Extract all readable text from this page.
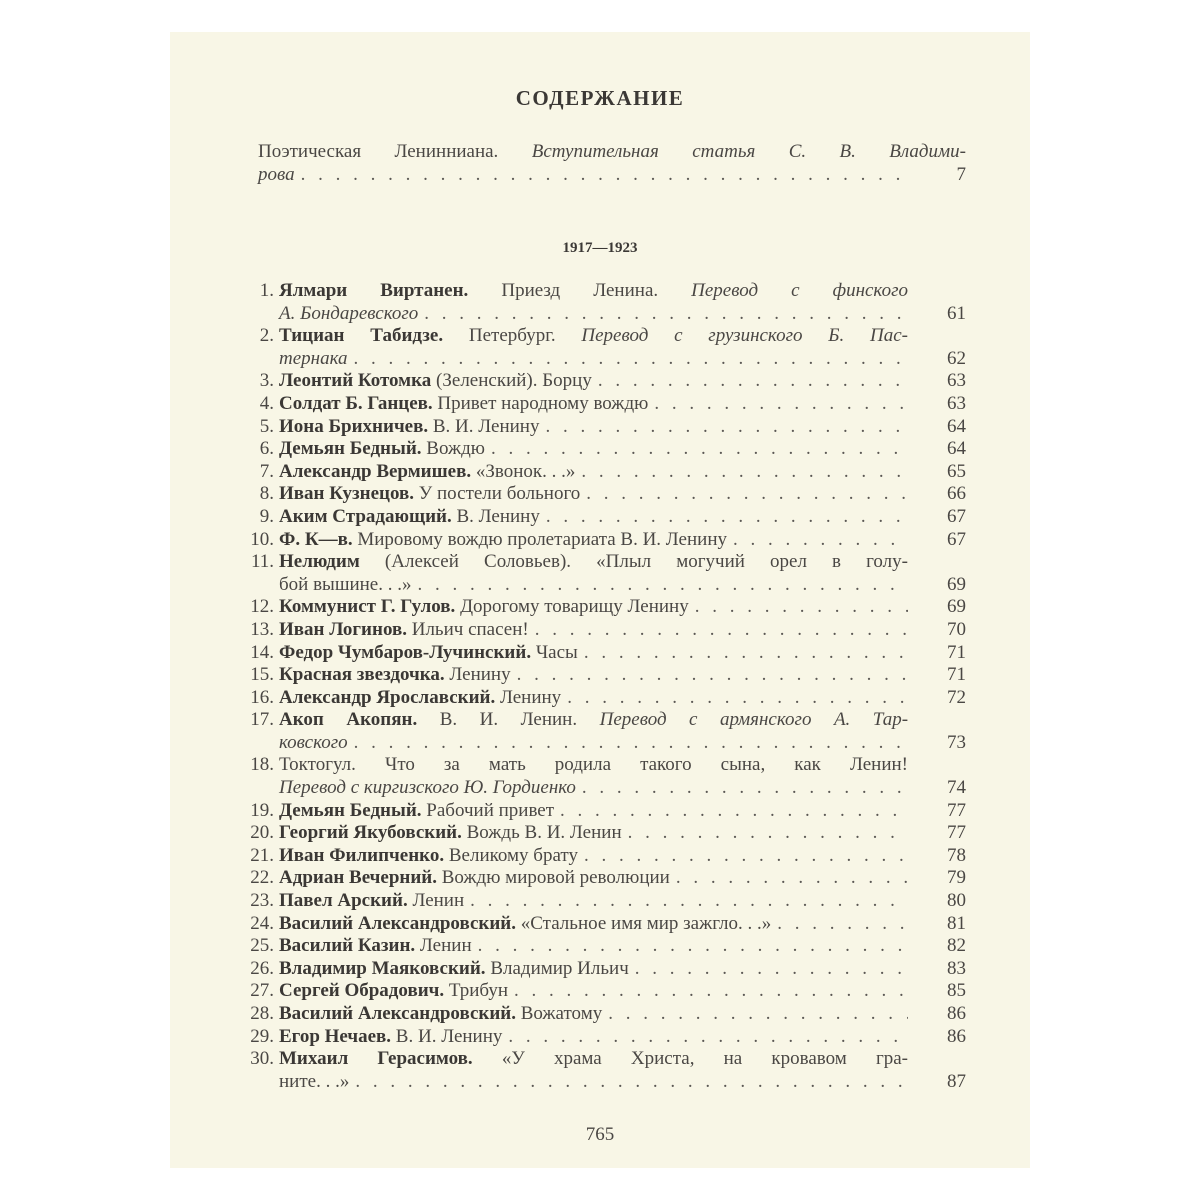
СОДЕРЖАНИЕ
Поэтическая Ленинниана. Вступительная статья С. В. Владими-
рова . . .	7
1917—1923
1. Ялмари Виртанен. Приезд Ленина. Перевод с финского
А. Бондаревского . . .	61
2. Тициан Табидзе. Петербург. Перевод с грузинского Б. Пас-
тернака . . .	62
3. Леонтий Котомка (Зеленский). Борцу . . .	63
4. Солдат Б. Ганцев. Привет народному вождю . . .	63
5. Иона Брихничев. В. И. Ленину . . .	64
6. Демьян Бедный. Вождю . . .	64
7. Александр Вермишев. «Звонок. . .» . . .	65
8. Иван Кузнецов. У постели больного . . .	66
9. Аким Страдающий. В. Ленину . . .	67
10. Ф. К—в. Мировому вождю пролетариата В. И. Ленину . . .	67
11. Нелюдим (Алексей Соловьев). «Плыл могучий орел в голу-
бой вышине. . .» . . .	69
12. Коммунист Г. Гулов. Дорогому товарищу Ленину . . .	69
13. Иван Логинов. Ильич спасен! . . .	70
14. Федор Чумбаров-Лучинский. Часы . . .	71
15. Красная звездочка. Ленину . . .	71
16. Александр Ярославский. Ленину . . .	72
17. Акоп Акопян. В. И. Ленин. Перевод с армянского А. Тар-
ковского . . .	73
18. Токтогул. Что за мать родила такого сына, как Ленин!
Перевод с киргизского Ю. Гордиенко . . .	74
19. Демьян Бедный. Рабочий привет . . .	77
20. Георгий Якубовский. Вождь В. И. Ленин . . .	77
21. Иван Филипченко. Великому брату . . .	78
22. Адриан Вечерний. Вождю мировой революции . . .	79
23. Павел Арский. Ленин . . .	80
24. Василий Александровский. «Стальное имя мир зажгло. . .» . . .	81
25. Василий Казин. Ленин . . .	82
26. Владимир Маяковский. Владимир Ильич . . .	83
27. Сергей Обрадович. Трибун . . .	85
28. Василий Александровский. Вожатому . . .	86
29. Егор Нечаев. В. И. Ленину . . .	86
30. Михаил Герасимов. «У храма Христа, на кровавом гра-
ните. . .» . . .	87
765
